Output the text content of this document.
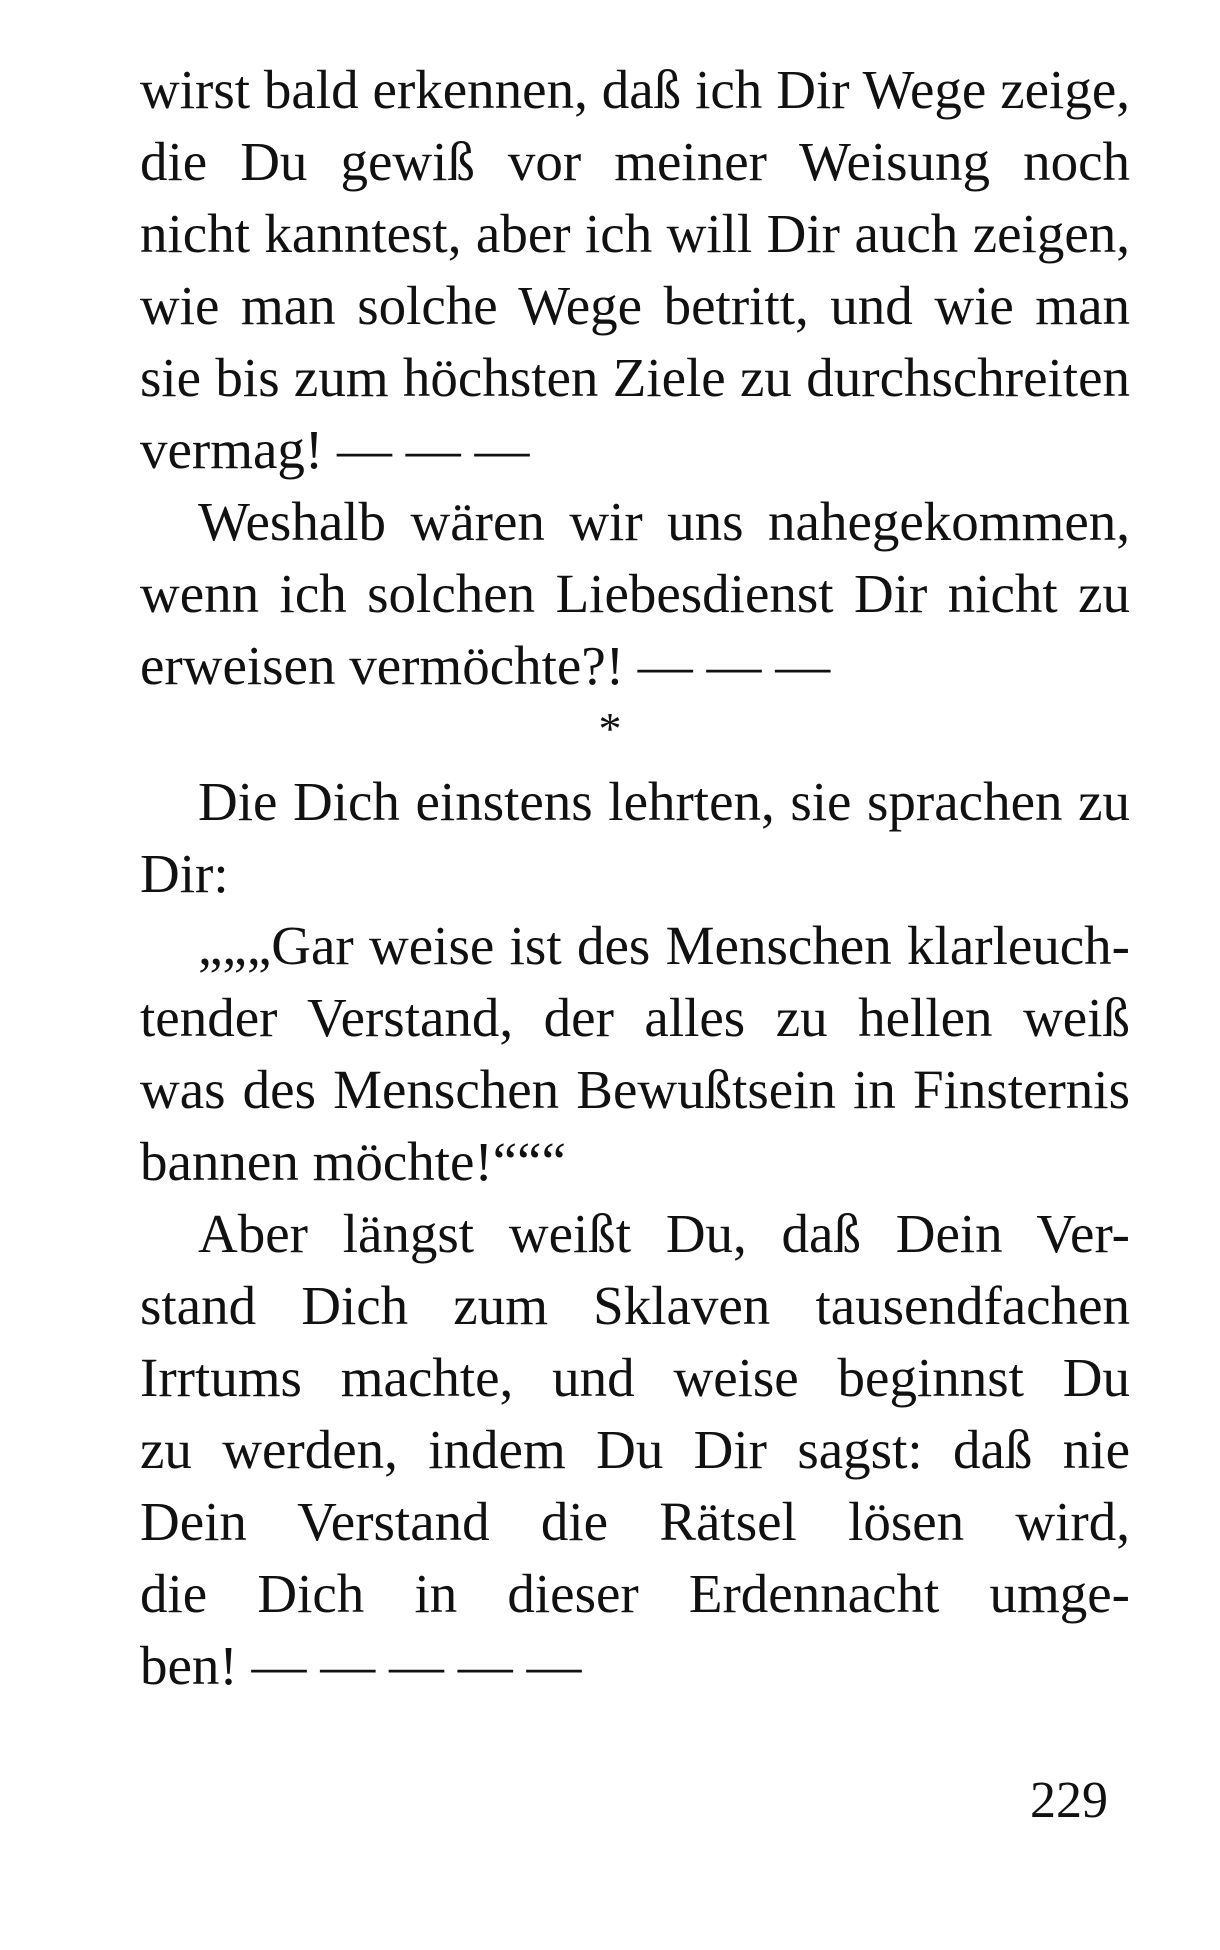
wirst bald erkennen, daß ich Dir Wege zeige,
die Du gewiß vor meiner Weisung noch
nicht kanntest, aber ich will Dir auch zeigen,
wie man solche Wege betritt, und wie man
sie bis zum höchsten Ziele zu durchschreiten
vermag! — — —
Weshalb wären wir uns nahegekommen,
wenn ich solchen Liebesdienst Dir nicht zu
erweisen vermöchte?! — — —
*
Die Dich einstens lehrten, sie sprachen zu
Dir:
„„„Gar weise ist des Menschen klarleuch-
tender Verstand, der alles zu hellen weiß
was des Menschen Bewußtsein in Finsternis
bannen möchte!“““
Aber längst weißt Du, daß Dein Ver-
stand Dich zum Sklaven tausendfachen
Irrtums machte, und weise beginnst Du
zu werden, indem Du Dir sagst: daß nie
Dein Verstand die Rätsel lösen wird,
die Dich in dieser Erdennacht umge-
ben! — — — — —
229
